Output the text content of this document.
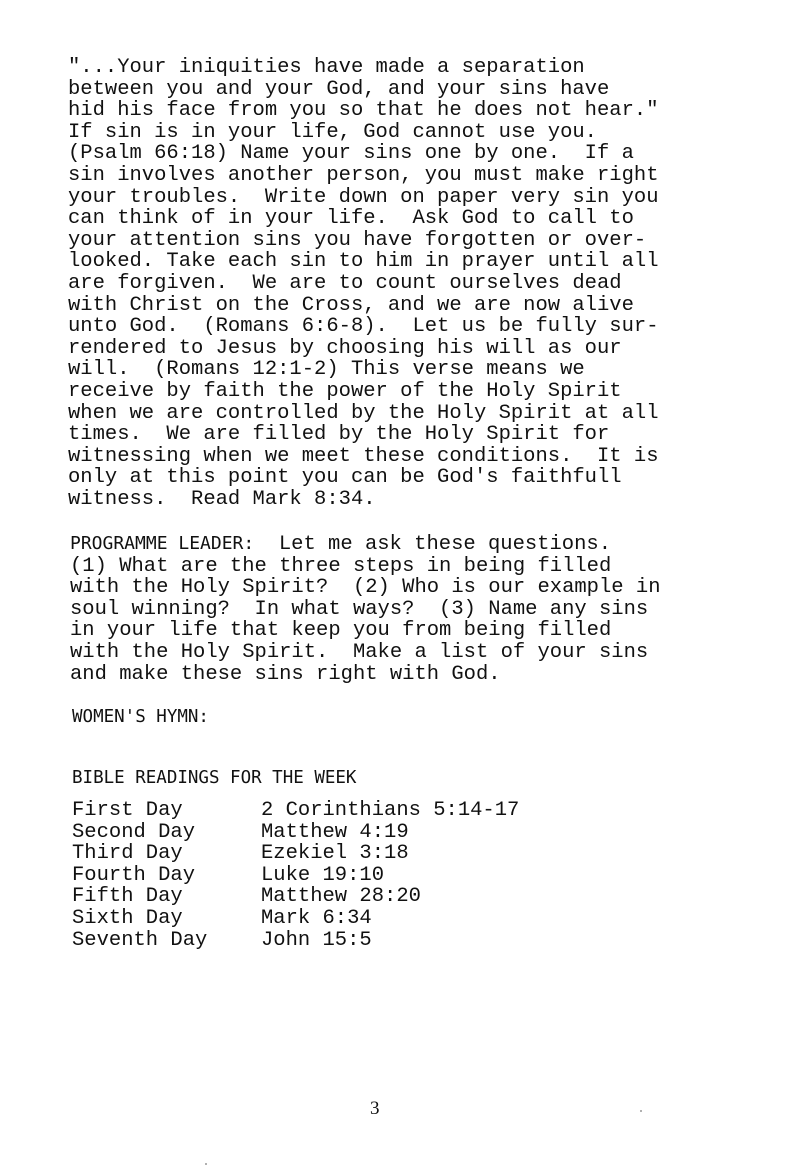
"...Your iniquities have made a separation
between you and your God, and your sins have
hid his face from you so that he does not hear."
If sin is in your life, God cannot use you.
(Psalm 66:18) Name your sins one by one.  If a
sin involves another person, you must make right
your troubles.  Write down on paper very sin you
can think of in your life.  Ask God to call to
your attention sins you have forgotten or over-
looked. Take each sin to him in prayer until all
are forgiven.  We are to count ourselves dead
with Christ on the Cross, and we are now alive
unto God.  (Romans 6:6-8).  Let us be fully sur-
rendered to Jesus by choosing his will as our
will.  (Romans 12:1-2) This verse means we
receive by faith the power of the Holy Spirit
when we are controlled by the Holy Spirit at all
times.  We are filled by the Holy Spirit for
witnessing when we meet these conditions.  It is
only at this point you can be God's faithfull
witness.  Read Mark 8:34.
PROGRAMME LEADER:  Let me ask these questions.
(1) What are the three steps in being filled
with the Holy Spirit?  (2) Who is our example in
soul winning?  In what ways?  (3) Name any sins
in your life that keep you from being filled
with the Holy Spirit.  Make a list of your sins
and make these sins right with God.
WOMEN'S HYMN:
BIBLE READINGS FOR THE WEEK
First Day	2 Corinthians 5:14-17
Second Day	Matthew 4:19
Third Day	Ezekiel 3:18
Fourth Day	Luke 19:10
Fifth Day	Matthew 28:20
Sixth Day	Mark 6:34
Seventh Day	John 15:5
3
